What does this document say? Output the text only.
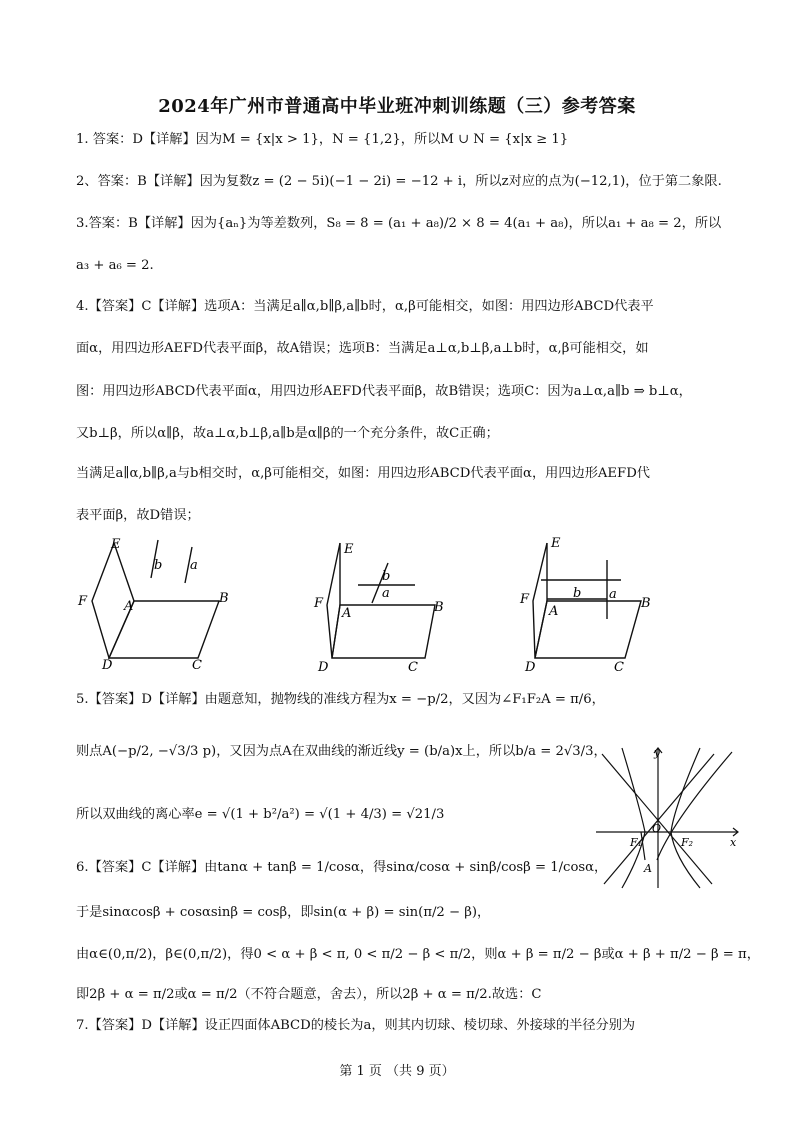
2024年广州市普通高中毕业班冲刺训练题（三）参考答案
1. 答案：D【详解】因为M = {x|x > 1}，N = {1,2}，所以M ∪ N = {x|x ≥ 1}
2、答案：B【详解】因为复数z = (2 − 5i)(−1 − 2i) = −12 + i，所以z对应的点为(−12,1)，位于第二象限.
3.答案：B【详解】因为{aₙ}为等差数列，S₈ = 8 = (a₁ + a₈)/2 × 8 = 4(a₁ + a₈)，所以a₁ + a₈ = 2，所以
a₃ + a₆ = 2.
4.【答案】C【详解】选项A：当满足a∥α,b∥β,a∥b时，α,β可能相交，如图：用四边形ABCD代表平
面α，用四边形AEFD代表平面β，故A错误；选项B：当满足a⊥α,b⊥β,a⊥b时，α,β可能相交，如
图：用四边形ABCD代表平面α，用四边形AEFD代表平面β，故B错误；选项C：因为a⊥α,a∥b ⇒ b⊥α，
又b⊥β，所以α∥β，故a⊥α,b⊥β,a∥b是α∥β的一个充分条件，故C正确；
当满足a∥α,b∥β,a与b相交时，α,β可能相交，如图：用四边形ABCD代表平面α，用四边形AEFD代
表平面β，故D错误；
E
F	A
B
D	C
a
b
E
F
A	B
D	C
a
b
E
F
A
B
D	C
a
b
5.【答案】D【详解】由题意知，抛物线的准线方程为x = −p/2，又因为∠F₁F₂A = π/6，
则点A(−p/2, −√3/3 p)，又因为点A在双曲线的渐近线y = (b/a)x上，所以b/a = 2√3/3，
所以双曲线的离心率e = √(1 + b²/a²) = √(1 + 4/3) = √21/3
y
x
O
F₁	F₂
A
6.【答案】C【详解】由tanα + tanβ = 1/cosα，得sinα/cosα + sinβ/cosβ = 1/cosα，
于是sinαcosβ + cosαsinβ = cosβ，即sin(α + β) = sin(π/2 − β)，
由α∈(0,π/2)，β∈(0,π/2)，得0 < α + β < π, 0 < π/2 − β < π/2，则α + β = π/2 − β或α + β + π/2 − β = π，
即2β + α = π/2或α = π/2（不符合题意，舍去），所以2β + α = π/2.故选：C
7.【答案】D【详解】设正四面体ABCD的棱长为a，则其内切球、棱切球、外接球的半径分别为
第 1 页 （共 9 页）
